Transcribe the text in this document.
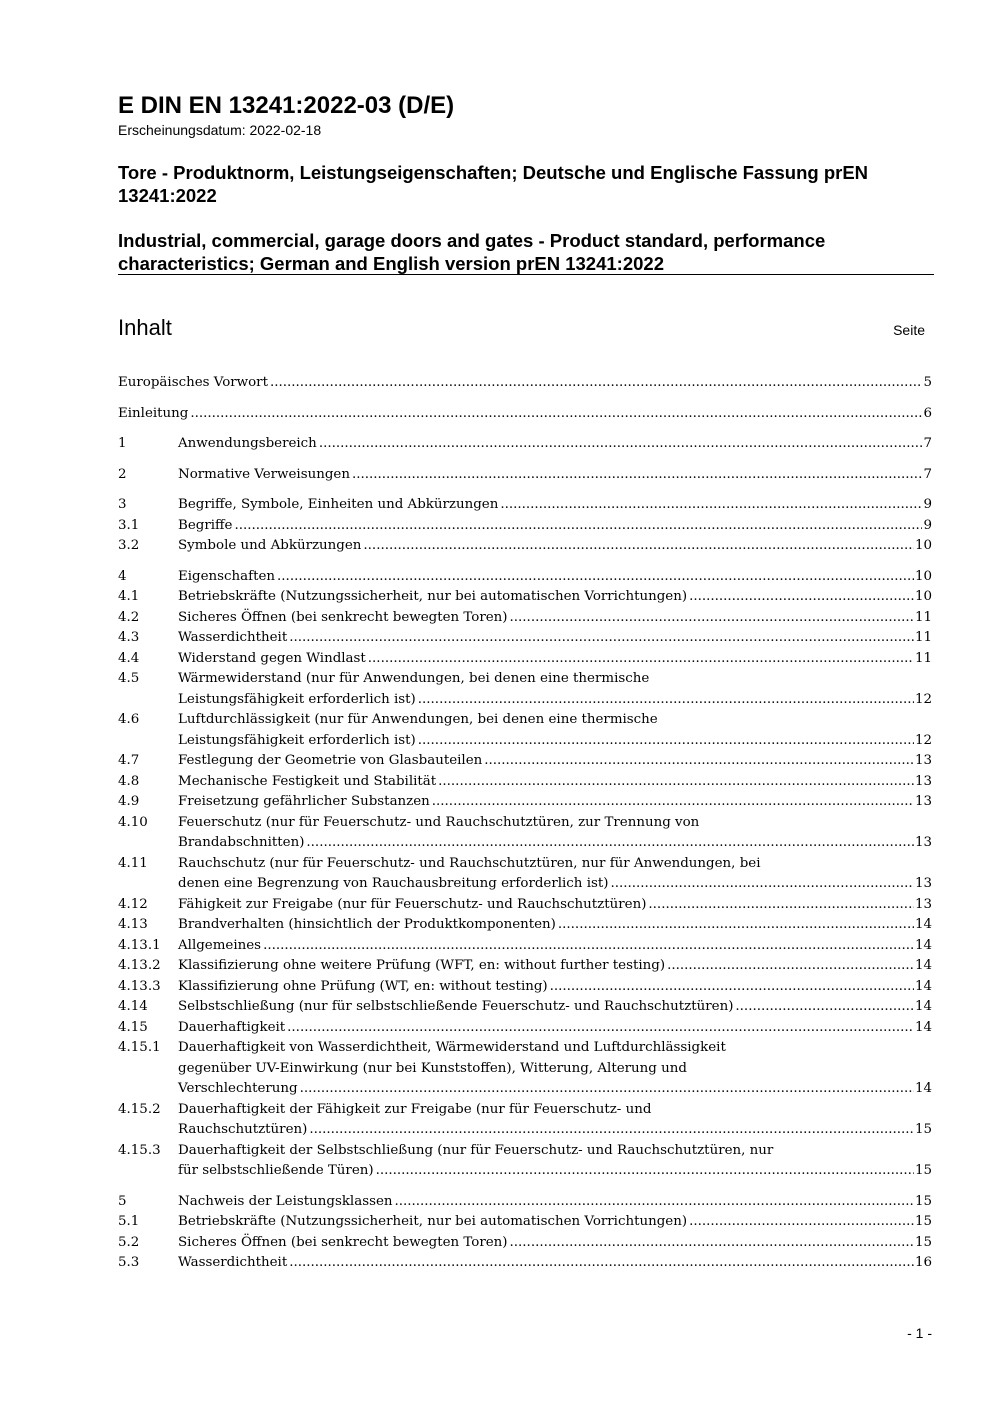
E DIN EN 13241:2022-03 (D/E)

Erscheinungsdatum: 2022-02-18

Tore - Produktnorm, Leistungseigenschaften; Deutsche und Englische Fassung prEN 13241:2022

Industrial, commercial, garage doors and gates - Product standard, performance characteristics; German and English version prEN 13241:2022

Inhalt	Seite
Europäisches Vorwort .....	5
Einleitung .....	6
1	Anwendungsbereich .....	7
2	Normative Verweisungen .....	7
3	Begriffe, Symbole, Einheiten und Abkürzungen .....	9
3.1	Begriffe .....	9
3.2	Symbole und Abkürzungen .....	10
4	Eigenschaften .....	10
4.1	Betriebskräfte (Nutzungssicherheit, nur bei automatischen Vorrichtungen) .....	10
4.2	Sicheres Öffnen (bei senkrecht bewegten Toren) .....	11
4.3	Wasserdichtheit .....	11
4.4	Widerstand gegen Windlast .....	11
4.5	Wärmewiderstand (nur für Anwendungen, bei denen eine thermische
Leistungsfähigkeit erforderlich ist) .....	12
4.6	Luftdurchlässigkeit (nur für Anwendungen, bei denen eine thermische
Leistungsfähigkeit erforderlich ist) .....	12
4.7	Festlegung der Geometrie von Glasbauteilen .....	13
4.8	Mechanische Festigkeit und Stabilität .....	13
4.9	Freisetzung gefährlicher Substanzen .....	13
4.10	Feuerschutz (nur für Feuerschutz- und Rauchschutztüren, zur Trennung von
Brandabschnitten) .....	13
4.11	Rauchschutz (nur für Feuerschutz- und Rauchschutztüren, nur für Anwendungen, bei
denen eine Begrenzung von Rauchausbreitung erforderlich ist) .....	13
4.12	Fähigkeit zur Freigabe (nur für Feuerschutz- und Rauchschutztüren) .....	13
4.13	Brandverhalten (hinsichtlich der Produktkomponenten) .....	14
4.13.1	Allgemeines .....	14
4.13.2	Klassifizierung ohne weitere Prüfung (WFT, en: without further testing) .....	14
4.13.3	Klassifizierung ohne Prüfung (WT, en: without testing) .....	14
4.14	Selbstschließung (nur für selbstschließende Feuerschutz- und Rauchschutztüren) .....	14
4.15	Dauerhaftigkeit .....	14
4.15.1	Dauerhaftigkeit von Wasserdichtheit, Wärmewiderstand und Luftdurchlässigkeit
gegenüber UV-Einwirkung (nur bei Kunststoffen), Witterung, Alterung und
Verschlechterung .....	14
4.15.2	Dauerhaftigkeit der Fähigkeit zur Freigabe (nur für Feuerschutz- und
Rauchschutztüren) .....	15
4.15.3	Dauerhaftigkeit der Selbstschließung (nur für Feuerschutz- und Rauchschutztüren, nur
für selbstschließende Türen) .....	15
5	Nachweis der Leistungsklassen .....	15
5.1	Betriebskräfte (Nutzungssicherheit, nur bei automatischen Vorrichtungen) .....	15
5.2	Sicheres Öffnen (bei senkrecht bewegten Toren) .....	15
5.3	Wasserdichtheit .....	16
- 1 -
